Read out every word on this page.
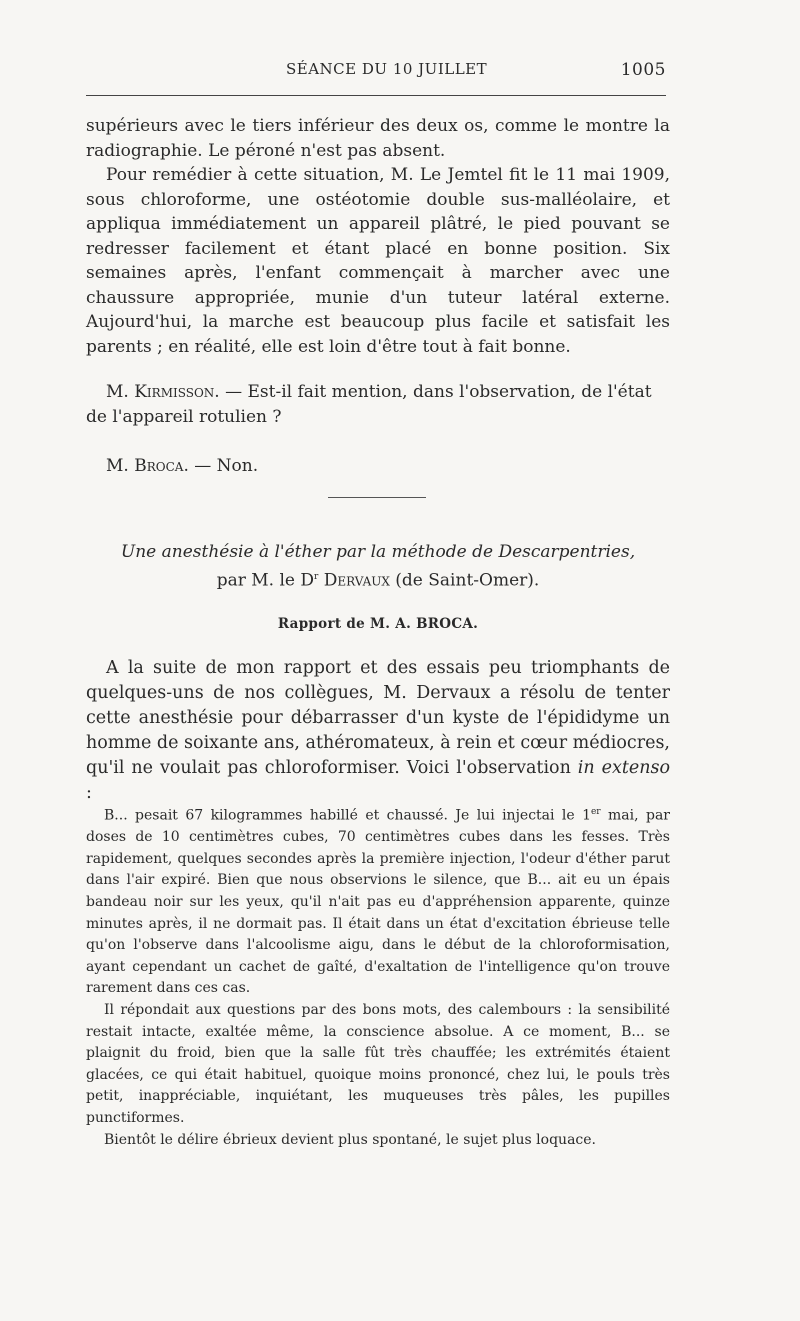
SÉANCE DU 10 JUILLET	1005

supérieurs avec le tiers inférieur des deux os, comme le montre la radiographie. Le péroné n'est pas absent.

Pour remédier à cette situation, M. Le Jemtel fit le 11 mai 1909, sous chloroforme, une ostéotomie double sus-malléolaire, et appliqua immédiatement un appareil plâtré, le pied pouvant se redresser facilement et étant placé en bonne position. Six semaines après, l'enfant commençait à marcher avec une chaussure appropriée, munie d'un tuteur latéral externe. Aujourd'hui, la marche est beaucoup plus facile et satisfait les parents ; en réalité, elle est loin d'être tout à fait bonne.

M. Kirmisson. — Est-il fait mention, dans l'observation, de l'état de l'appareil rotulien ?
M. Broca. — Non.
Une anesthésie à l'éther par la méthode de Descarpentries,
par M. le $D^r$ Dervaux (de Saint-Omer).
Rapport de M. A. BROCA.

A la suite de mon rapport et des essais peu triomphants de quelques-uns de nos collègues, M. Dervaux a résolu de tenter cette anesthésie pour débarrasser d'un kyste de l'épididyme un homme de soixante ans, athéromateux, à rein et cœur médiocres, qu'il ne voulait pas chloroformiser. Voici l'observation in extenso :

B... pesait 67 kilogrammes habillé et chaussé. Je lui injectai le 1er mai, par doses de 10 centimètres cubes, 70 centimètres cubes dans les fesses. Très rapidement, quelques secondes après la première injection, l'odeur d'éther parut dans l'air expiré. Bien que nous observions le silence, que B... ait eu un épais bandeau noir sur les yeux, qu'il n'ait pas eu d'appréhension apparente, quinze minutes après, il ne dormait pas. Il était dans un état d'excitation ébrieuse telle qu'on l'observe dans l'alcoolisme aigu, dans le début de la chloroformisation, ayant cependant un cachet de gaîté, d'exaltation de l'intelligence qu'on trouve rarement dans ces cas.

Il répondait aux questions par des bons mots, des calembours : la sensibilité restait intacte, exaltée même, la conscience absolue. A ce moment, B... se plaignit du froid, bien que la salle fût très chauffée; les extrémités étaient glacées, ce qui était habituel, quoique moins prononcé, chez lui, le pouls très petit, inappréciable, inquiétant, les muqueuses très pâles, les pupilles punctiformes.

Bientôt le délire ébrieux devient plus spontané, le sujet plus loquace.
